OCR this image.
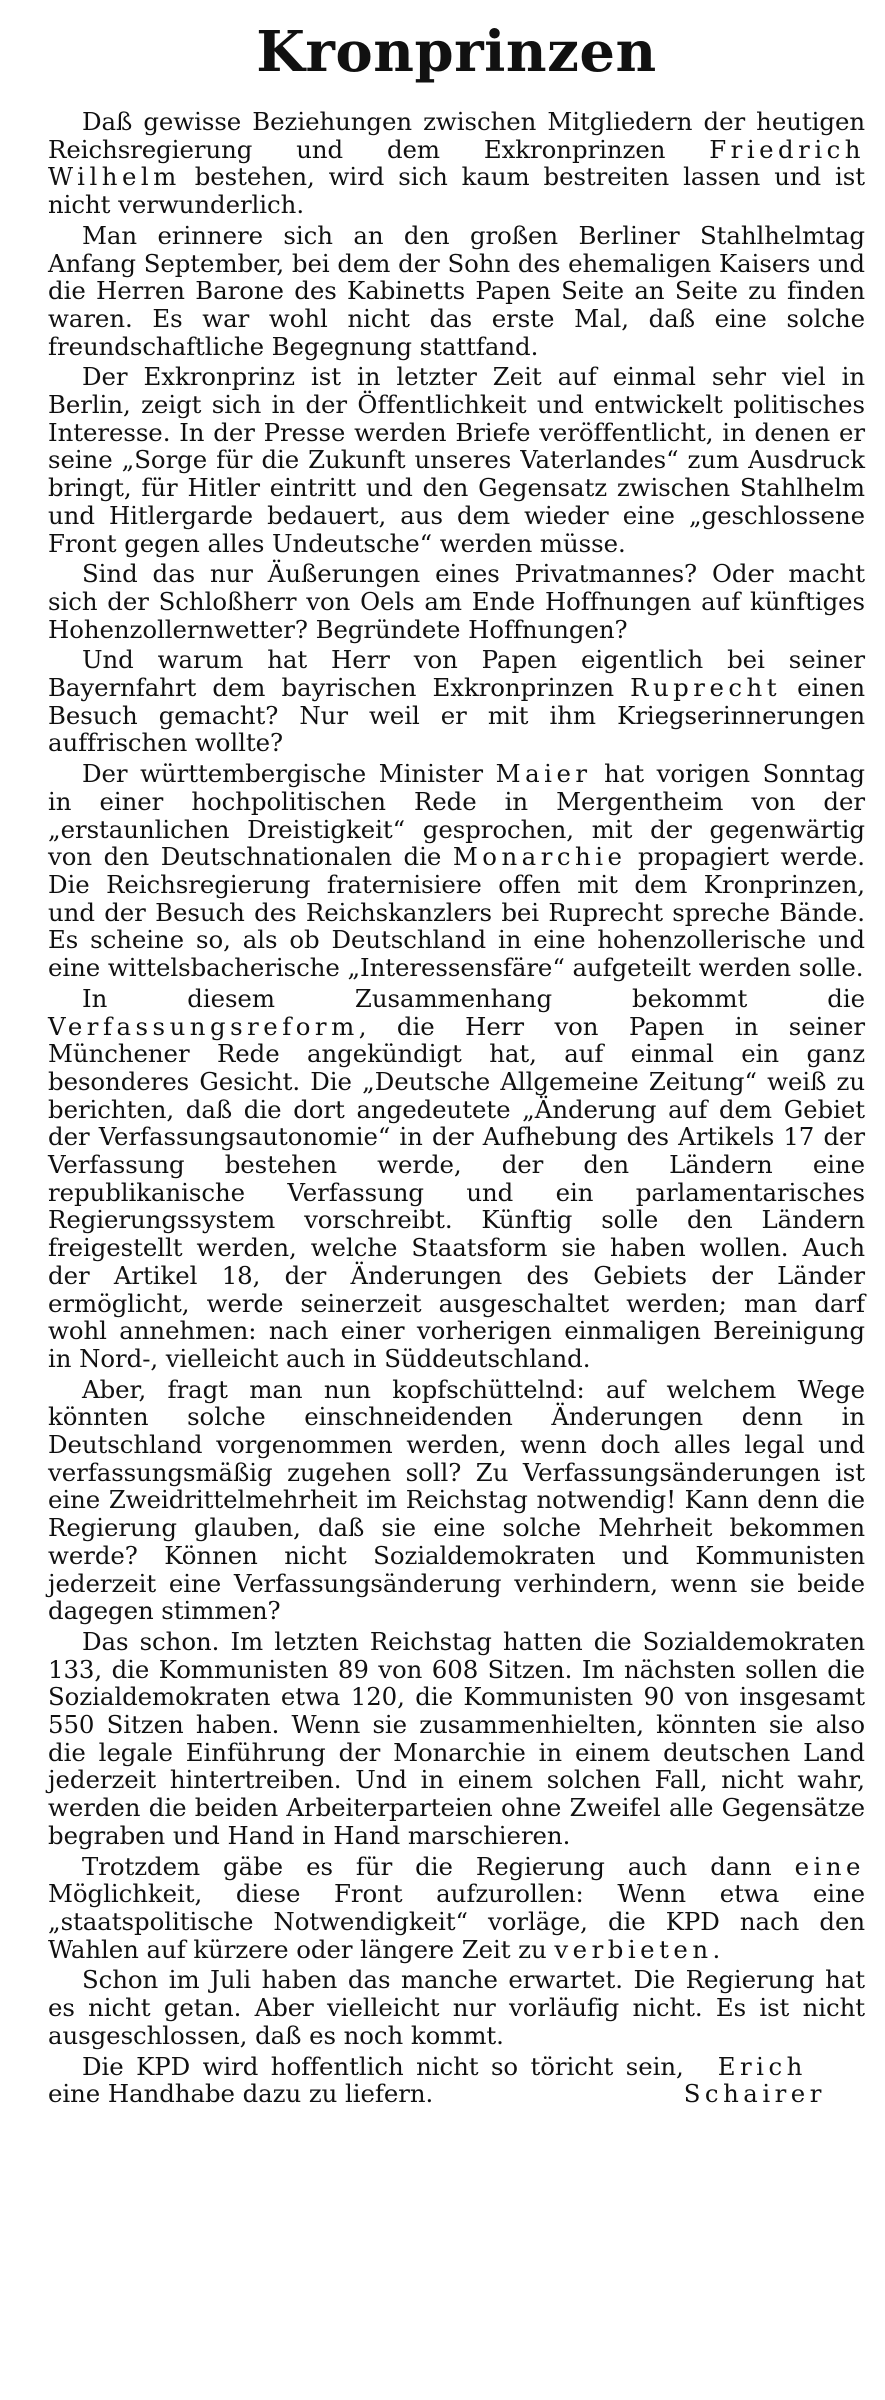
Kronprinzen

Daß gewisse Beziehungen zwischen Mitgliedern der heutigen Reichsregierung und dem Exkronprinzen Friedrich Wilhelm bestehen, wird sich kaum bestreiten lassen und ist nicht verwunderlich.

Man erinnere sich an den großen Berliner Stahlhelmtag Anfang September, bei dem der Sohn des ehemaligen Kaisers und die Herren Barone des Kabinetts Papen Seite an Seite zu finden waren. Es war wohl nicht das erste Mal, daß eine solche freundschaftliche Begegnung stattfand.

Der Exkronprinz ist in letzter Zeit auf einmal sehr viel in Berlin, zeigt sich in der Öffentlichkeit und entwickelt politisches Interesse. In der Presse werden Briefe veröffentlicht, in denen er seine „Sorge für die Zukunft unseres Vaterlandes“ zum Ausdruck bringt, für Hitler eintritt und den Gegensatz zwischen Stahlhelm und Hitlergarde bedauert, aus dem wieder eine „geschlossene Front gegen alles Undeutsche“ werden müsse.

Sind das nur Äußerungen eines Privatmannes? Oder macht sich der Schloßherr von Oels am Ende Hoffnungen auf künftiges Hohenzollernwetter? Begründete Hoffnungen?

Und warum hat Herr von Papen eigentlich bei seiner Bayernfahrt dem bayrischen Exkronprinzen Ruprecht einen Besuch gemacht? Nur weil er mit ihm Kriegserinnerungen auffrischen wollte?

Der württembergische Minister Maier hat vorigen Sonntag in einer hochpolitischen Rede in Mergentheim von der „erstaunlichen Dreistigkeit“ gesprochen, mit der gegenwärtig von den Deutschnationalen die Monarchie propagiert werde. Die Reichsregierung fraternisiere offen mit dem Kronprinzen, und der Besuch des Reichskanzlers bei Ruprecht spreche Bände. Es scheine so, als ob Deutschland in eine hohenzollerische und eine wittelsbacherische „Interessensfäre“ aufgeteilt werden solle.

In diesem Zusammenhang bekommt die Verfassungsreform, die Herr von Papen in seiner Münchener Rede angekündigt hat, auf einmal ein ganz besonderes Gesicht. Die „Deutsche Allgemeine Zeitung“ weiß zu berichten, daß die dort angedeutete „Änderung auf dem Gebiet der Verfassungsautonomie“ in der Aufhebung des Artikels 17 der Verfassung bestehen werde, der den Ländern eine republikanische Verfassung und ein parlamentarisches Regierungssystem vorschreibt. Künftig solle den Ländern freigestellt werden, welche Staatsform sie haben wollen. Auch der Artikel 18, der Änderungen des Gebiets der Länder ermöglicht, werde seinerzeit ausgeschaltet werden; man darf wohl annehmen: nach einer vorherigen einmaligen Bereinigung in Nord-, vielleicht auch in Süddeutschland.

Aber, fragt man nun kopfschüttelnd: auf welchem Wege könnten solche einschneidenden Änderungen denn in Deutschland vorgenommen werden, wenn doch alles legal und verfassungsmäßig zugehen soll? Zu Verfassungsänderungen ist eine Zweidrittelmehrheit im Reichstag notwendig! Kann denn die Regierung glauben, daß sie eine solche Mehrheit bekommen werde? Können nicht Sozialdemokraten und Kommunisten jederzeit eine Verfassungsänderung verhindern, wenn sie beide dagegen stimmen?

Das schon. Im letzten Reichstag hatten die Sozialdemokraten 133, die Kommunisten 89 von 608 Sitzen. Im nächsten sollen die Sozialdemokraten etwa 120, die Kommunisten 90 von insgesamt 550 Sitzen haben. Wenn sie zusammenhielten, könnten sie also die legale Einführung der Monarchie in einem deutschen Land jederzeit hintertreiben. Und in einem solchen Fall, nicht wahr, werden die beiden Arbeiterparteien ohne Zweifel alle Gegensätze begraben und Hand in Hand marschieren.

Trotzdem gäbe es für die Regierung auch dann eine Möglichkeit, diese Front aufzurollen: Wenn etwa eine „staatspolitische Notwendigkeit“ vorläge, die KPD nach den Wahlen auf kürzere oder längere Zeit zu verbieten.

Schon im Juli haben das manche erwartet. Die Regierung hat es nicht getan. Aber vielleicht nur vorläufig nicht. Es ist nicht ausgeschlossen, daß es noch kommt.

Die KPD wird hoffentlich nicht so töricht sein, eine Handhabe dazu zu liefern.
Erich Schairer
